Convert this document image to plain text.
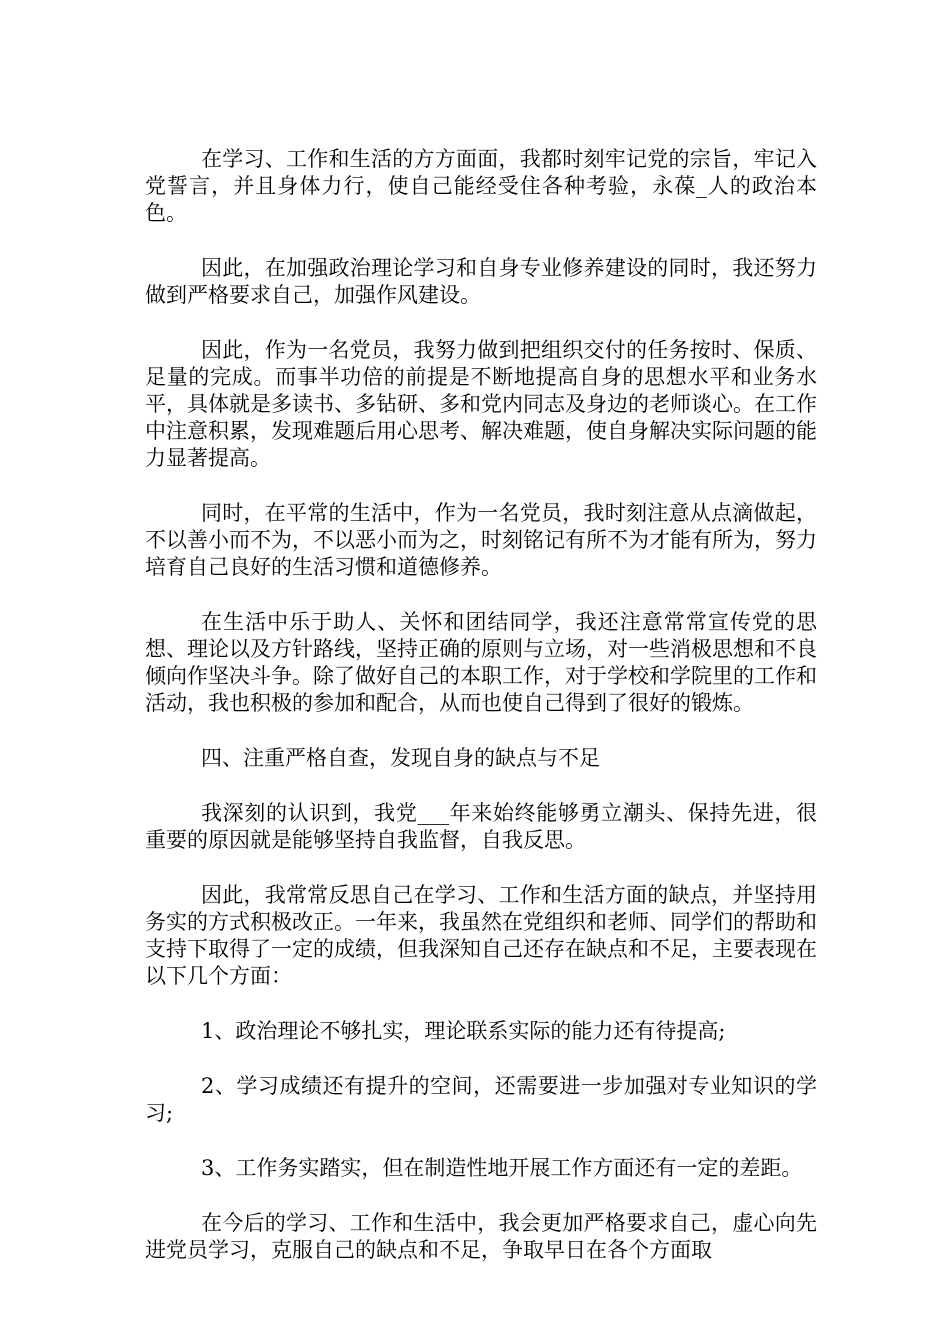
在学习、工作和生活的方方面面，我都时刻牢记党的宗旨，牢记入党誓言，并且身体力行，使自己能经受住各种考验，永葆_人的政治本色。

因此，在加强政治理论学习和自身专业修养建设的同时，我还努力做到严格要求自己，加强作风建设。

因此，作为一名党员，我努力做到把组织交付的任务按时、保质、足量的完成。而事半功倍的前提是不断地提高自身的思想水平和业务水平，具体就是多读书、多钻研、多和党内同志及身边的老师谈心。在工作中注意积累，发现难题后用心思考、解决难题，使自身解决实际问题的能力显著提高。

同时，在平常的生活中，作为一名党员，我时刻注意从点滴做起，不以善小而不为，不以恶小而为之，时刻铭记有所不为才能有所为，努力培育自己良好的生活习惯和道德修养。

在生活中乐于助人、关怀和团结同学，我还注意常常宣传党的思想、理论以及方针路线，坚持正确的原则与立场，对一些消极思想和不良倾向作坚决斗争。除了做好自己的本职工作，对于学校和学院里的工作和活动，我也积极的参加和配合，从而也使自己得到了很好的锻炼。

四、注重严格自查，发现自身的缺点与不足

我深刻的认识到，我党___年来始终能够勇立潮头、保持先进，很重要的原因就是能够坚持自我监督，自我反思。

因此，我常常反思自己在学习、工作和生活方面的缺点，并坚持用务实的方式积极改正。一年来，我虽然在党组织和老师、同学们的帮助和支持下取得了一定的成绩，但我深知自己还存在缺点和不足，主要表现在以下几个方面：

1、政治理论不够扎实，理论联系实际的能力还有待提高;

2、学习成绩还有提升的空间，还需要进一步加强对专业知识的学习;

3、工作务实踏实，但在制造性地开展工作方面还有一定的差距。

在今后的学习、工作和生活中，我会更加严格要求自己，虚心向先进党员学习，克服自己的缺点和不足，争取早日在各个方面取
